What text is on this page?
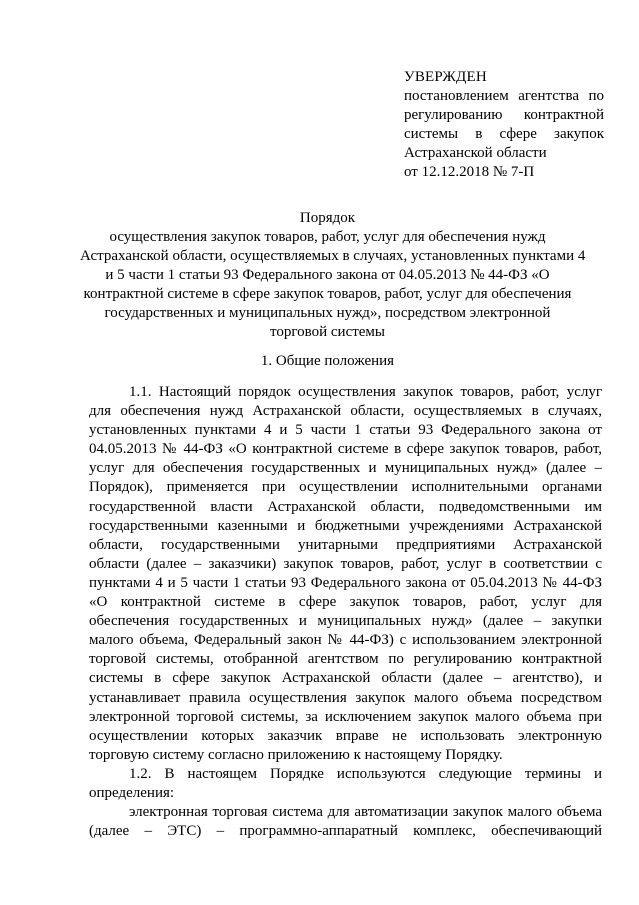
УВЕРЖДЕН
постановлением агентства по
регулированию контрактной
системы в сфере закупок
Астраханской области
от 12.12.2018 № 7-П
Порядок
осуществления закупок товаров, работ, услуг для обеспечения нужд
Астраханской области, осуществляемых в случаях, установленных пунктами 4
и 5 части 1 статьи 93 Федерального закона от 04.05.2013 № 44-ФЗ «О
контрактной системе в сфере закупок товаров, работ, услуг для обеспечения
государственных и муниципальных нужд», посредством электронной
торговой системы
1. Общие положения
1.1. Настоящий порядок осуществления закупок товаров, работ, услуг
для обеспечения нужд Астраханской области, осуществляемых в случаях,
установленных пунктами 4 и 5 части 1 статьи 93 Федерального закона от
04.05.2013 № 44-ФЗ «О контрактной системе в сфере закупок товаров, работ,
услуг для обеспечения государственных и муниципальных нужд» (далее –
Порядок), применяется при осуществлении исполнительными органами
государственной власти Астраханской области, подведомственными им
государственными казенными и бюджетными учреждениями Астраханской
области, государственными унитарными предприятиями Астраханской
области (далее – заказчики) закупок товаров, работ, услуг в соответствии с
пунктами 4 и 5 части 1 статьи 93 Федерального закона от 05.04.2013 № 44-ФЗ
«О контрактной системе в сфере закупок товаров, работ, услуг для
обеспечения государственных и муниципальных нужд» (далее – закупки
малого объема, Федеральный закон № 44-ФЗ) с использованием электронной
торговой системы, отобранной агентством по регулированию контрактной
системы в сфере закупок Астраханской области (далее – агентство), и
устанавливает правила осуществления закупок малого объема посредством
электронной торговой системы, за исключением закупок малого объема при
осуществлении которых заказчик вправе не использовать электронную
торговую систему согласно приложению к настоящему Порядку.
1.2. В настоящем Порядке используются следующие термины и
определения:
электронная торговая система для автоматизации закупок малого объема
(далее – ЭТС) – программно-аппаратный комплекс, обеспечивающий
